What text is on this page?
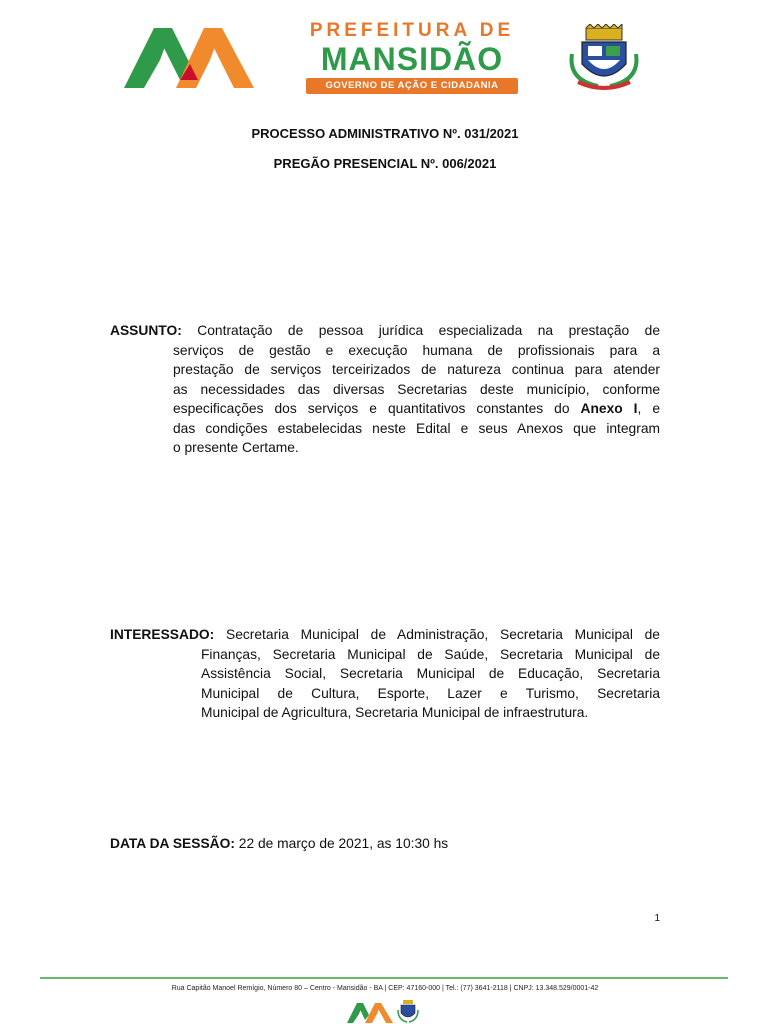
PREFEITURA DE
MANSIDÃO
GOVERNO DE AÇÃO E CIDADANIA
PROCESSO ADMINISTRATIVO Nº. 031/2021
PREGÃO PRESENCIAL Nº. 006/2021
ASSUNTO: Contratação de pessoa jurídica especializada na prestação de
serviços de gestão e execução humana de profissionais para a
prestação de serviços terceirizados de natureza continua para atender
as necessidades das diversas Secretarias deste município, conforme
especificações dos serviços e quantitativos constantes do Anexo I, e
das condições estabelecidas neste Edital e seus Anexos que integram
o presente Certame.
INTERESSADO: Secretaria Municipal de Administração, Secretaria Municipal de
Finanças, Secretaria Municipal de Saúde, Secretaria Municipal de
Assistência Social, Secretaria Municipal de Educação, Secretaria
Municipal de Cultura, Esporte, Lazer e Turismo, Secretaria
Municipal de Agricultura, Secretaria Municipal de infraestrutura.
DATA DA SESSÃO: 22 de março de 2021, as 10:30 hs
1
Rua Capitão Manoel Remígio, Número 80 – Centro - Mansidão - BA | CEP: 47160-000 | Tel.: (77) 3641-2118 | CNPJ: 13.348.529/0001-42
